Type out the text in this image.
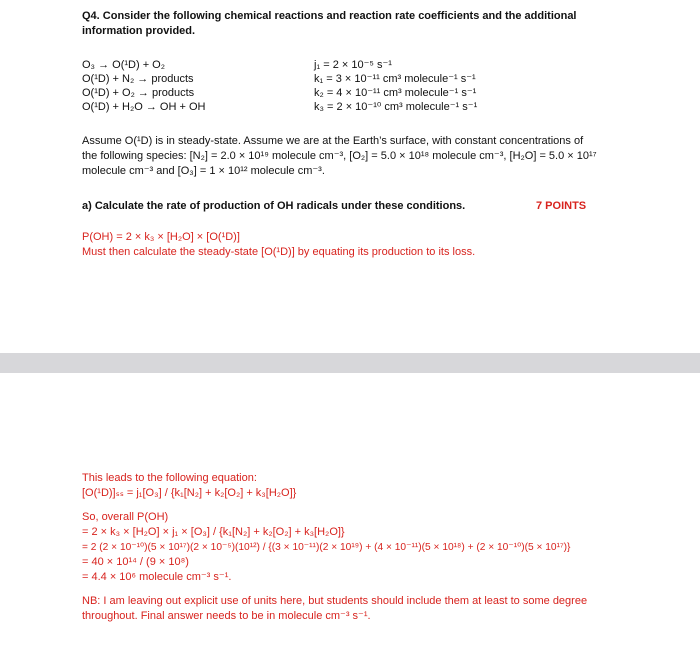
Q4. Consider the following chemical reactions and reaction rate coefficients and the additional
information provided.
O₃ → O(¹D) + O₂	j₁ = 2 × 10⁻⁵ s⁻¹
O(¹D) + N₂ → products	k₁ = 3 × 10⁻¹¹ cm³ molecule⁻¹ s⁻¹
O(¹D) + O₂ → products	k₂ = 4 × 10⁻¹¹ cm³ molecule⁻¹ s⁻¹
O(¹D) + H₂O → OH + OH	k₃ = 2 × 10⁻¹⁰ cm³ molecule⁻¹ s⁻¹
Assume O(¹D) is in steady-state. Assume we are at the Earth’s surface, with constant concentrations of
the following species: [N₂] = 2.0 × 10¹⁹ molecule cm⁻³, [O₂] = 5.0 × 10¹⁸ molecule cm⁻³, [H₂O] = 5.0 × 10¹⁷
molecule cm⁻³ and [O₃] = 1 × 10¹² molecule cm⁻³.
a) Calculate the rate of production of OH radicals under these conditions.	7 POINTS
P(OH) = 2 × k₃ × [H₂O] × [O(¹D)]
Must then calculate the steady-state [O(¹D)] by equating its production to its loss.
This leads to the following equation:
[O(¹D)]ₛₛ = j₁[O₃] / {k₁[N₂] + k₂[O₂] + k₃[H₂O]}
So, overall P(OH)
= 2 × k₃ × [H₂O] × j₁ × [O₃] / {k₁[N₂] + k₂[O₂] + k₃[H₂O]}
= 2 (2 × 10⁻¹⁰)(5 × 10¹⁷)(2 × 10⁻⁵)(10¹²) / {(3 × 10⁻¹¹)(2 × 10¹⁹) + (4 × 10⁻¹¹)(5 × 10¹⁸) + (2 × 10⁻¹⁰)(5 × 10¹⁷)}
= 40 × 10¹⁴ / (9 × 10⁸)
= 4.4 × 10⁶ molecule cm⁻³ s⁻¹.
NB: I am leaving out explicit use of units here, but students should include them at least to some degree
throughout. Final answer needs to be in molecule cm⁻³ s⁻¹.
